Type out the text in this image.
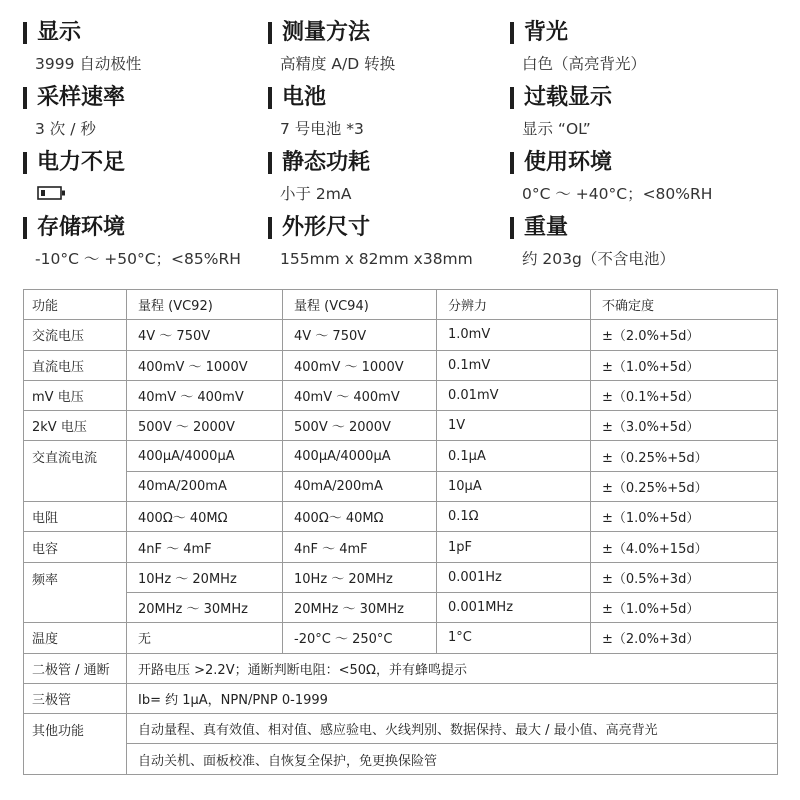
显示
3999 自动极性
采样速率
3 次 / 秒
电力不足
存储环境
-10°C ～ +50°C；<85%RH
测量方法
高精度 A/D 转换
电池
7 号电池 *3
静态功耗
小于 2mA
外形尺寸
155mm x 82mm x38mm
背光
白色（高亮背光）
过载显示
显示 “OL”
使用环境
0°C ～ +40°C；<80%RH
重量
约 203g（不含电池）
功能	量程 (VC92)	量程 (VC94)	分辨力	不确定度
交流电压	4V ～ 750V	4V ～ 750V	1.0mV	±（2.0%+5d）
直流电压	400mV ～ 1000V	400mV ～ 1000V	0.1mV	±（1.0%+5d）
mV 电压	40mV ～ 400mV	40mV ～ 400mV	0.01mV	±（0.1%+5d）
2kV 电压	500V ～ 2000V	500V ～ 2000V	1V	±（3.0%+5d）
交直流电流	400μA/4000μA	400μA/4000μA	0.1μA	±（0.25%+5d）
	40mA/200mA	40mA/200mA	10μA	±（0.25%+5d）
电阻	400Ω～ 40MΩ	400Ω～ 40MΩ	0.1Ω	±（1.0%+5d）
电容	4nF ～ 4mF	4nF ～ 4mF	1pF	±（4.0%+15d）
频率	10Hz ～ 20MHz	10Hz ～ 20MHz	0.001Hz	±（0.5%+3d）
	20MHz ～ 30MHz	20MHz ～ 30MHz	0.001MHz	±（1.0%+5d）
温度	无	-20°C ～ 250°C	1°C	±（2.0%+3d）
二极管 / 通断	开路电压 >2.2V；通断判断电阻：<50Ω，并有蜂鸣提示			
三极管	Ib= 约 1μA，NPN/PNP 0-1999			
其他功能	自动量程、真有效值、相对值、感应验电、火线判别、数据保持、最大 / 最小值、高亮背光			
	自动关机、面板校准、自恢复全保护，免更换保险管			
